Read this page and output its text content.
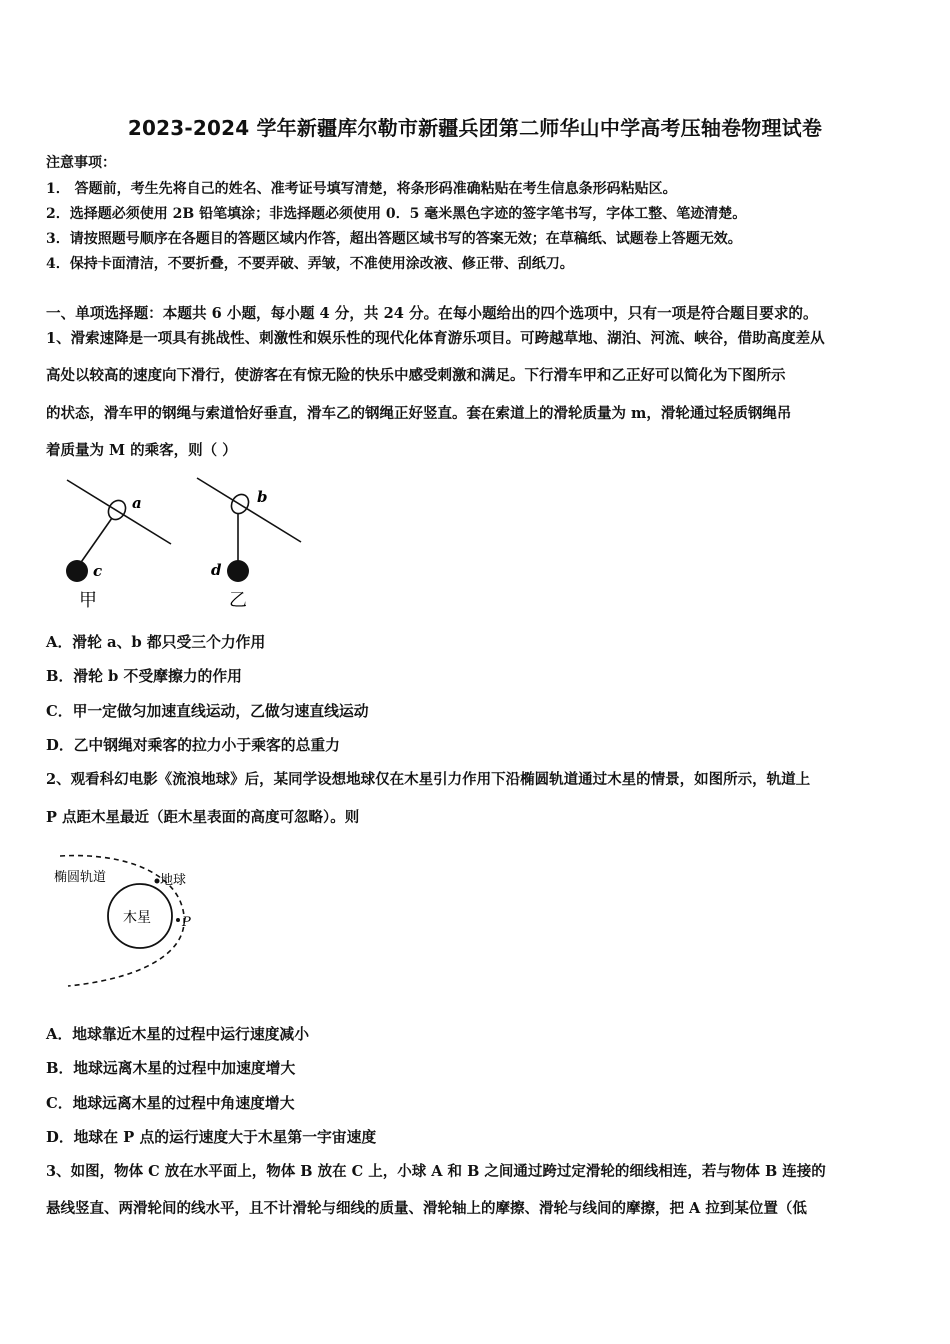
2023-2024 学年新疆库尔勒市新疆兵团第二师华山中学高考压轴卷物理试卷
注意事项：
1． 答题前，考生先将自己的姓名、准考证号填写清楚，将条形码准确粘贴在考生信息条形码粘贴区。
2．选择题必须使用 2B 铅笔填涂；非选择题必须使用 0．5 毫米黑色字迹的签字笔书写，字体工整、笔迹清楚。
3．请按照题号顺序在各题目的答题区域内作答，超出答题区域书写的答案无效；在草稿纸、试题卷上答题无效。
4．保持卡面清洁，不要折叠，不要弄破、弄皱，不准使用涂改液、修正带、刮纸刀。
一、单项选择题：本题共 6 小题，每小题 4 分，共 24 分。在每小题给出的四个选项中，只有一项是符合题目要求的。
1、滑索速降是一项具有挑战性、刺激性和娱乐性的现代化体育游乐项目。可跨越草地、湖泊、河流、峡谷，借助高度差从
高处以较高的速度向下滑行，使游客在有惊无险的快乐中感受刺激和满足。下行滑车甲和乙正好可以简化为下图所示
的状态，滑车甲的钢绳与索道恰好垂直，滑车乙的钢绳正好竖直。套在索道上的滑轮质量为 m，滑轮通过轻质钢绳吊
着质量为 M 的乘客，则（ ）
a
c
甲
b
d
乙
A．滑轮 a、b 都只受三个力作用
B．滑轮 b 不受摩擦力的作用
C．甲一定做匀加速直线运动，乙做匀速直线运动
D．乙中钢绳对乘客的拉力小于乘客的总重力
2、观看科幻电影《流浪地球》后，某同学设想地球仅在木星引力作用下沿椭圆轨道通过木星的情景，如图所示，轨道上
P 点距木星最近（距木星表面的高度可忽略）。则
椭圆轨道	地球
木星 P
A．地球靠近木星的过程中运行速度减小
B．地球远离木星的过程中加速度增大
C．地球远离木星的过程中角速度增大
D．地球在 P 点的运行速度大于木星第一宇宙速度
3、如图，物体 C 放在水平面上，物体 B 放在 C 上，小球 A 和 B 之间通过跨过定滑轮的细线相连，若与物体 B 连接的
悬线竖直、两滑轮间的线水平，且不计滑轮与细线的质量、滑轮轴上的摩擦、滑轮与线间的摩擦，把 A 拉到某位置（低
